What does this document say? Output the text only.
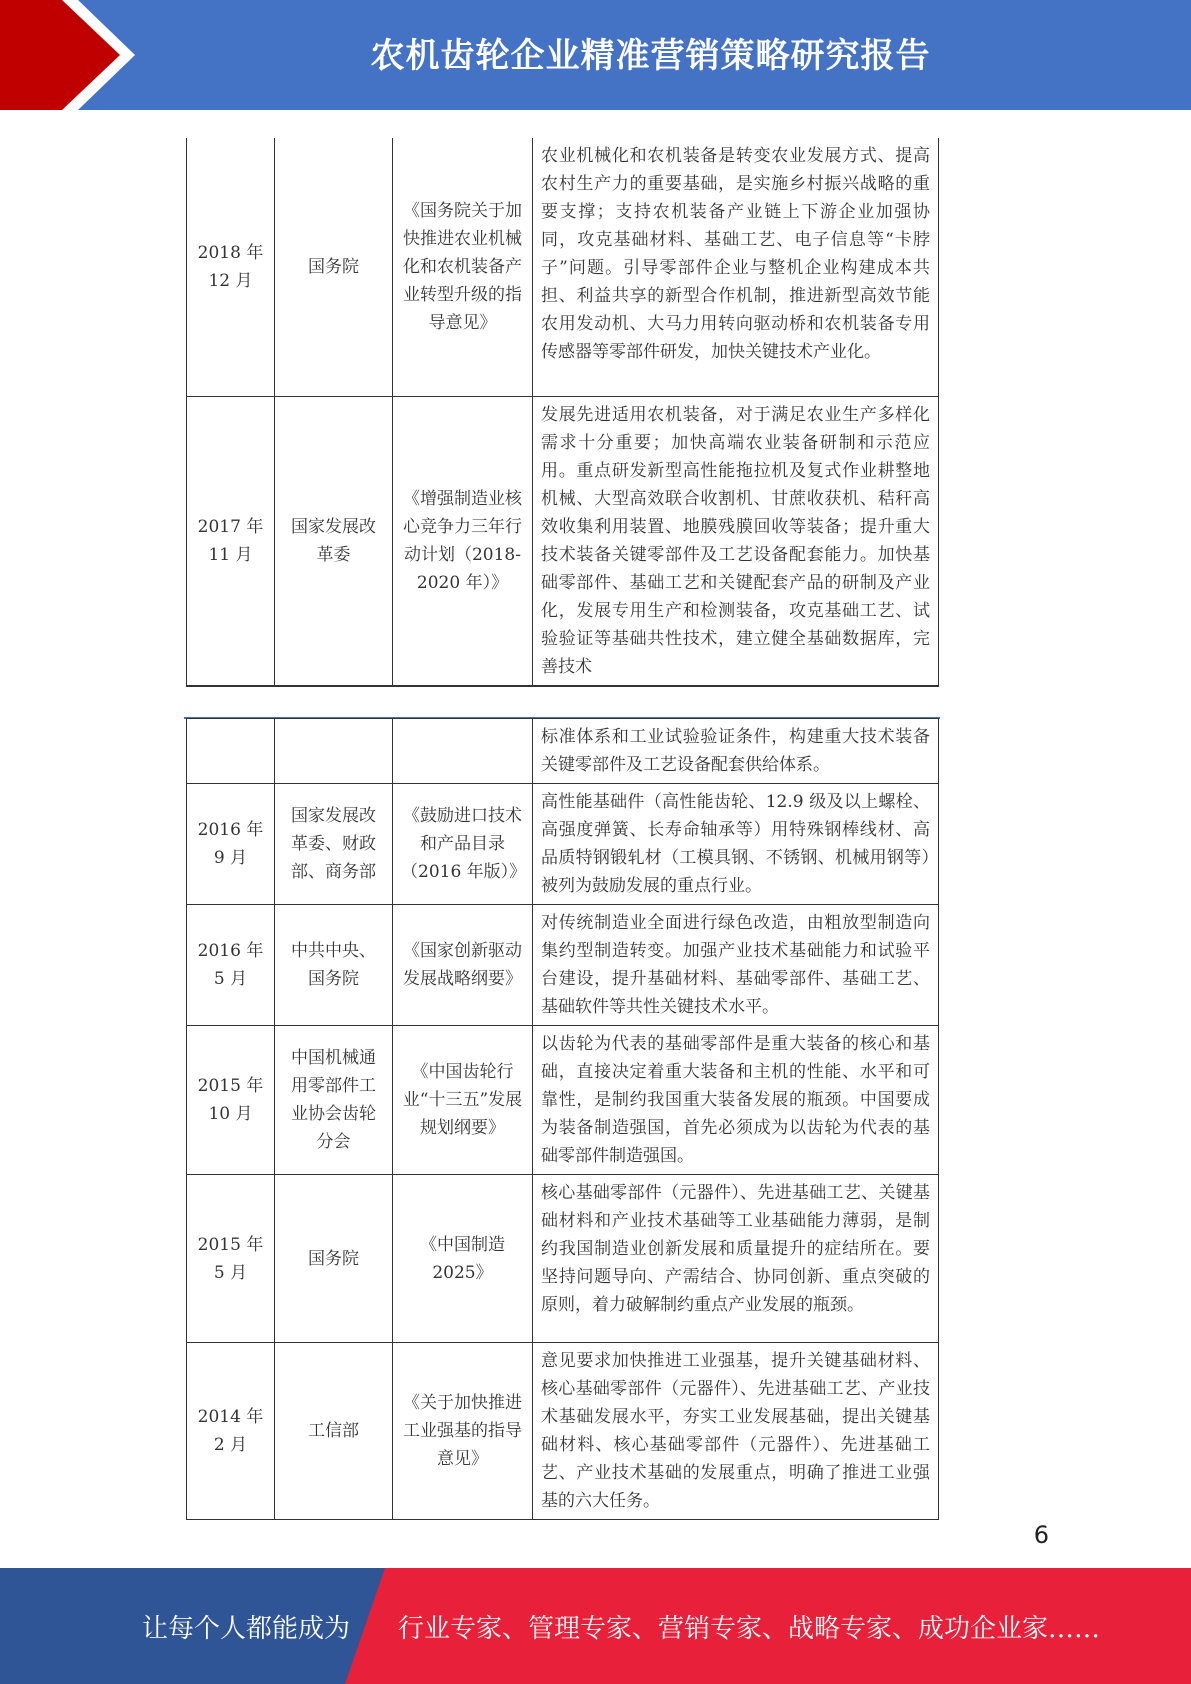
农机齿轮企业精准营销策略研究报告
2018 年 12 月	国务院	《国务院关于加快推进农业机械化和农机装备产业转型升级的指导意见》	农业机械化和农机装备是转变农业发展方式、提高农村生产力的重要基础，是实施乡村振兴战略的重要支撑；支持农机装备产业链上下游企业加强协同，攻克基础材料、基础工艺、电子信息等“卡脖子”问题。引导零部件企业与整机企业构建成本共担、利益共享的新型合作机制，推进新型高效节能农用发动机、大马力用转向驱动桥和农机装备专用传感器等零部件研发，加快关键技术产业化。
2017 年 11 月	国家发展改革委	《增强制造业核心竞争力三年行动计划（2018-2020 年）》	发展先进适用农机装备，对于满足农业生产多样化需求十分重要；加快高端农业装备研制和示范应用。重点研发新型高性能拖拉机及复式作业耕整地机械、大型高效联合收割机、甘蔗收获机、秸秆高效收集利用装置、地膜残膜回收等装备；提升重大技术装备关键零部件及工艺设备配套能力。加快基础零部件、基础工艺和关键配套产品的研制及产业化，发展专用生产和检测装备，攻克基础工艺、试验验证等基础共性技术，建立健全基础数据库，完善技术
			标准体系和工业试验验证条件，构建重大技术装备关键零部件及工艺设备配套供给体系。
2016 年 9 月	国家发展改革委、财政部、商务部	《鼓励进口技术和产品目录（2016 年版）》	高性能基础件（高性能齿轮、12.9 级及以上螺栓、高强度弹簧、长寿命轴承等）用特殊钢棒线材、高品质特钢锻轧材（工模具钢、不锈钢、机械用钢等）被列为鼓励发展的重点行业。
2016 年 5 月	中共中央、国务院	《国家创新驱动发展战略纲要》	对传统制造业全面进行绿色改造，由粗放型制造向集约型制造转变。加强产业技术基础能力和试验平台建设，提升基础材料、基础零部件、基础工艺、基础软件等共性关键技术水平。
2015 年 10 月	中国机械通用零部件工业协会齿轮分会	《中国齿轮行业“十三五”发展规划纲要》	以齿轮为代表的基础零部件是重大装备的核心和基础，直接决定着重大装备和主机的性能、水平和可靠性，是制约我国重大装备发展的瓶颈。中国要成为装备制造强国，首先必须成为以齿轮为代表的基础零部件制造强国。
2015 年 5 月	国务院	《中国制造 2025》	核心基础零部件（元器件）、先进基础工艺、关键基础材料和产业技术基础等工业基础能力薄弱，是制约我国制造业创新发展和质量提升的症结所在。要坚持问题导向、产需结合、协同创新、重点突破的原则，着力破解制约重点产业发展的瓶颈。
2014 年 2 月	工信部	《关于加快推进工业强基的指导意见》	意见要求加快推进工业强基，提升关键基础材料、核心基础零部件（元器件）、先进基础工艺、产业技术基础发展水平，夯实工业发展基础，提出关键基础材料、核心基础零部件（元器件）、先进基础工艺、产业技术基础的发展重点，明确了推进工业强基的六大任务。
6
让每个人都能成为 行业专家、管理专家、营销专家、战略专家、成功企业家……
